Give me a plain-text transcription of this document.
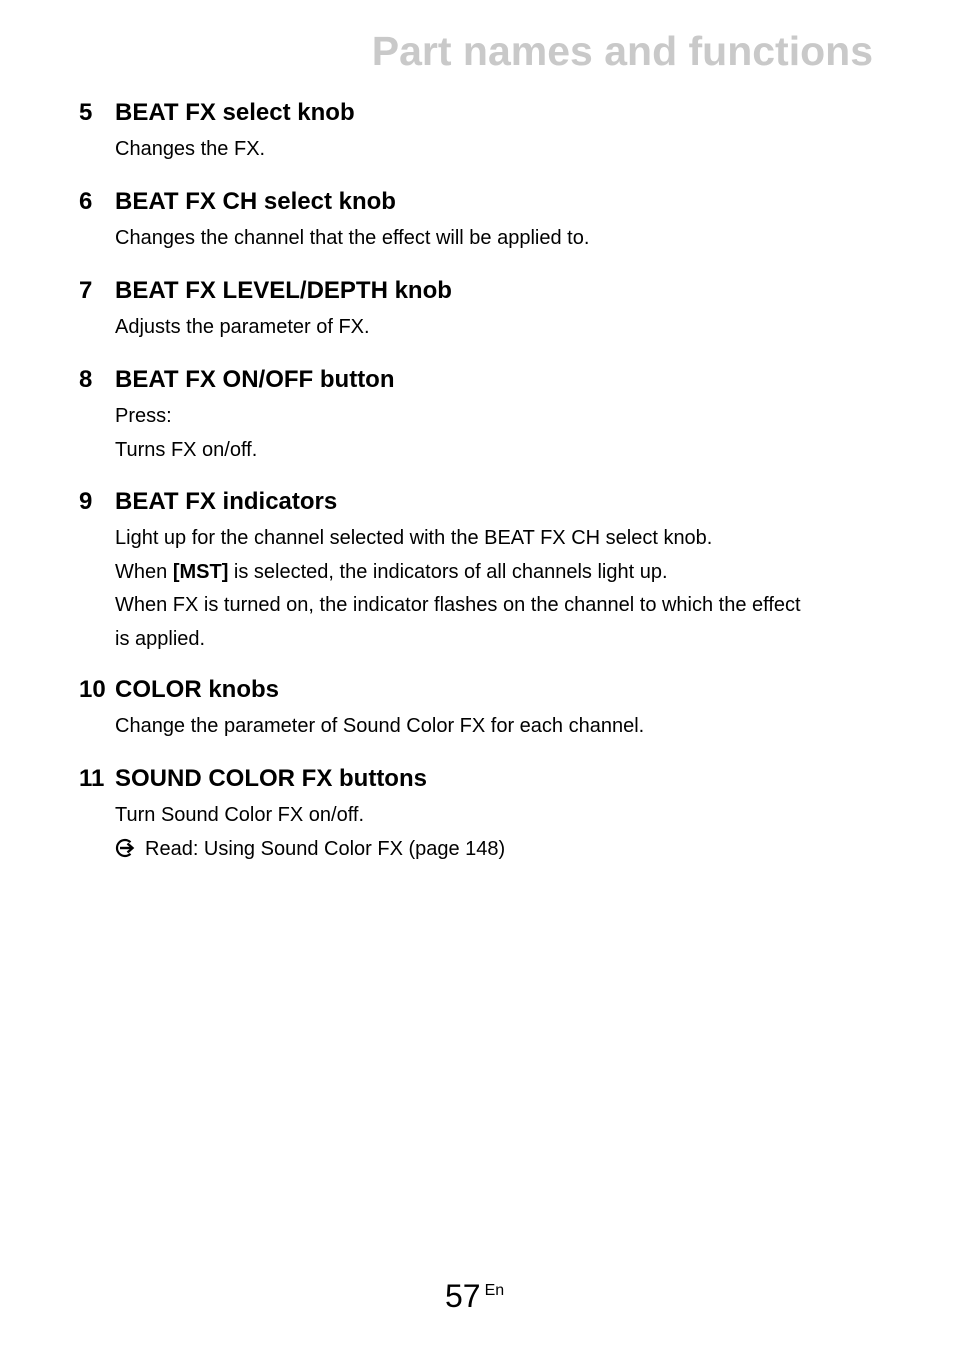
Part names and functions
5 BEAT FX select knob
Changes the FX.
6 BEAT FX CH select knob
Changes the channel that the effect will be applied to.
7 BEAT FX LEVEL/DEPTH knob
Adjusts the parameter of FX.
8 BEAT FX ON/OFF button
Press:
Turns FX on/off.
9 BEAT FX indicators
Light up for the channel selected with the BEAT FX CH select knob.
When [MST] is selected, the indicators of all channels light up.
When FX is turned on, the indicator flashes on the channel to which the effect
is applied.
10 COLOR knobs
Change the parameter of Sound Color FX for each channel.
11 SOUND COLOR FX buttons
Turn Sound Color FX on/off.
Read: Using Sound Color FX (page 148)
57 En
